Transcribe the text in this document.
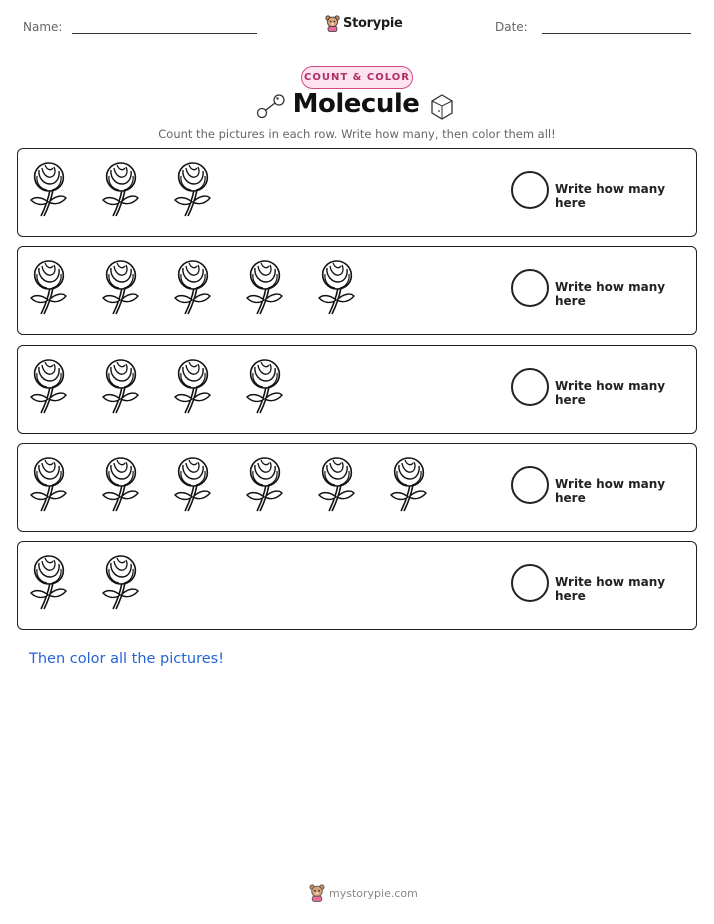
Name:	Storypie	Date:
COUNT & COLOR
Molecule
Count the pictures in each row. Write how many, then color them all!
Write how many here
Write how many here
Write how many here
Write how many here
Write how many here
Then color all the pictures!
mystorypie.com
